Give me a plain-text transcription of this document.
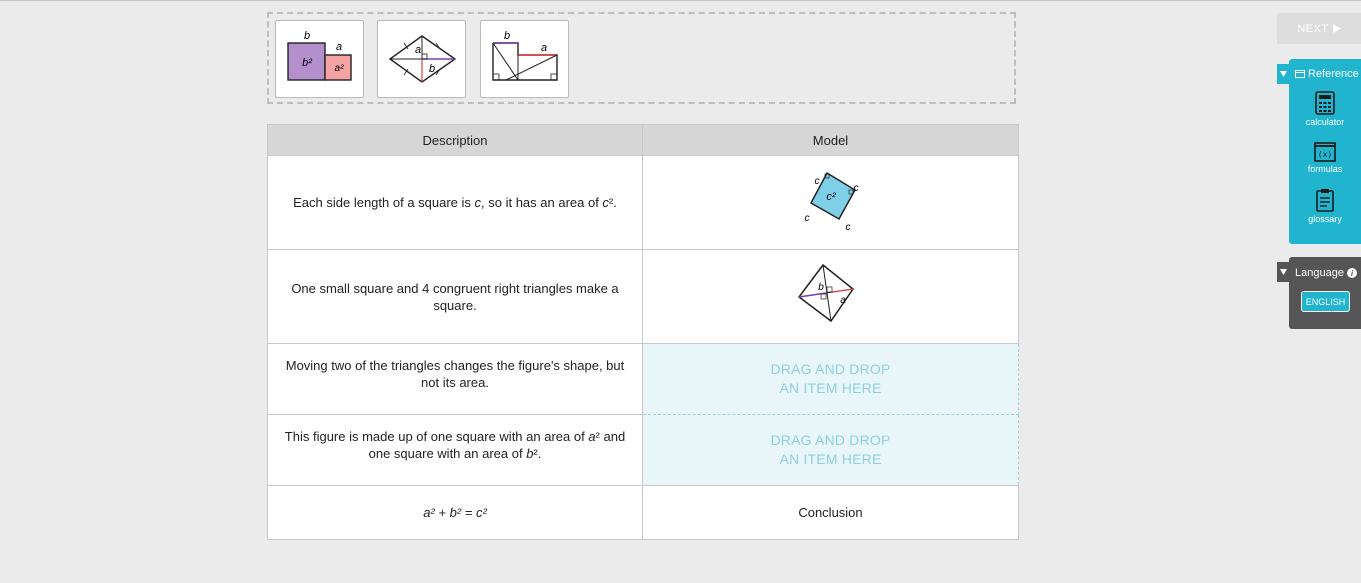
b
a
b² a²
a
b
b
a
Description	Model
Each side length of a square is c, so it has an area of c².	c²
c
c
c
c

One small square and 4 congruent right triangles make a square.	b
a

Moving two of the triangles changes the figure's shape, but not its area.	DRAG AND DROP
AN ITEM HERE

This figure is made up of one square with an area of a² and one square with an area of b².	DRAG AND DROP
AN ITEM HERE

a² + b² = c²	Conclusion
NEXT
Reference
calculator
(x)
formulas
glossary
Language i
ENGLISH
